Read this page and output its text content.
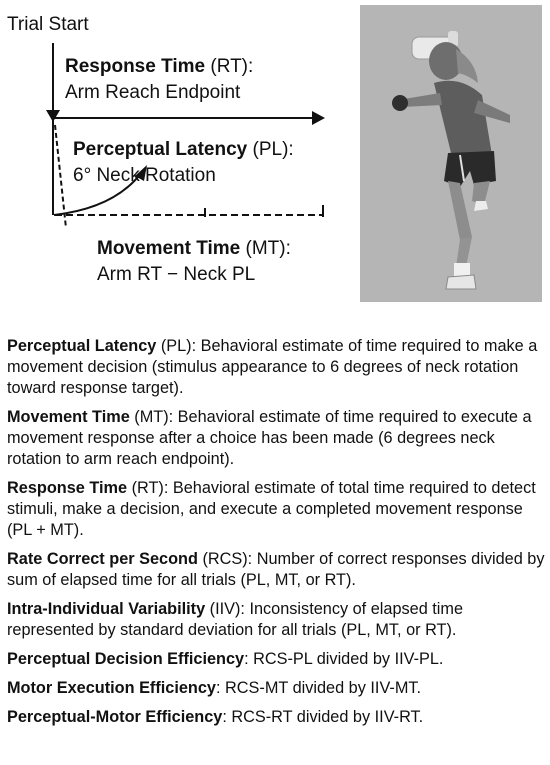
Trial Start
Response Time (RT):
Arm Reach Endpoint
Perceptual Latency (PL):
6° Neck Rotation
Movement Time (MT):
Arm RT − Neck PL

Perceptual Latency (PL): Behavioral estimate of time required to make a movement decision (stimulus appearance to 6 degrees of neck rotation toward response target).

Movement Time (MT): Behavioral estimate of time required to execute a movement response after a choice has been made (6 degrees neck rotation to arm reach endpoint).

Response Time (RT): Behavioral estimate of total time required to detect stimuli, make a decision, and execute a completed movement response (PL + MT).

Rate Correct per Second (RCS): Number of correct responses divided by sum of elapsed time for all trials (PL, MT, or RT).

Intra-Individual Variability (IIV): Inconsistency of elapsed time represented by standard deviation for all trials (PL, MT, or RT).

Perceptual Decision Efficiency: RCS-PL divided by IIV-PL.

Motor Execution Efficiency: RCS-MT divided by IIV-MT.

Perceptual-Motor Efficiency: RCS-RT divided by IIV-RT.
